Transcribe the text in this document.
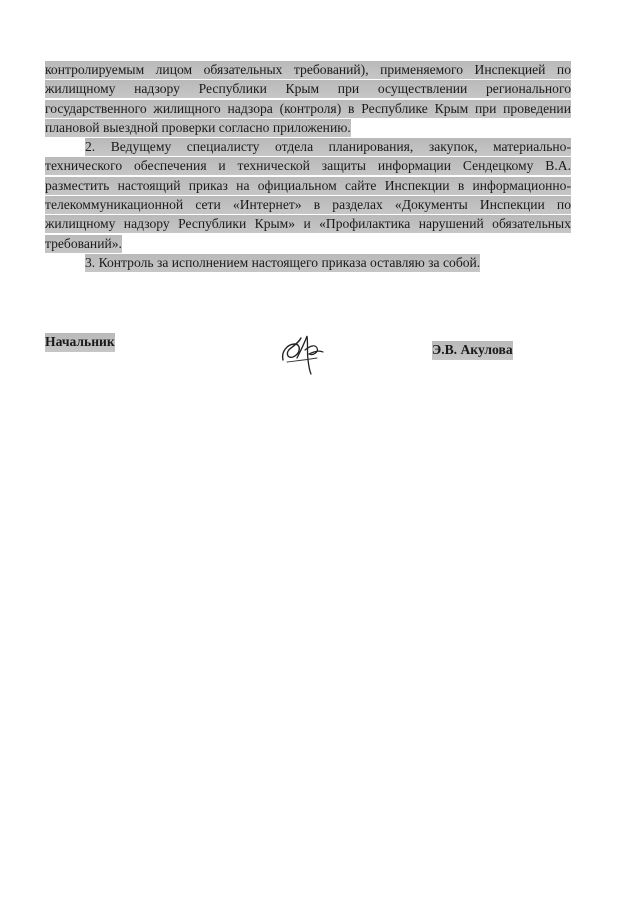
контролируемым лицом обязательных требований), применяемого Инспекцией по жилищному надзору Республики Крым при осуществлении регионального государственного жилищного надзора (контроля) в Республике Крым при проведении плановой выездной проверки согласно приложению.

2. Ведущему специалисту отдела планирования, закупок, материально-технического обеспечения и технической защиты информации Сендецкому В.А. разместить настоящий приказ на официальном сайте Инспекции в информационно-телекоммуникационной сети «Интернет» в разделах «Документы Инспекции по жилищному надзору Республики Крым» и «Профилактика нарушений обязательных требований».

3. Контроль за исполнением настоящего приказа оставляю за собой.

Начальник
Э.В. Акулова
